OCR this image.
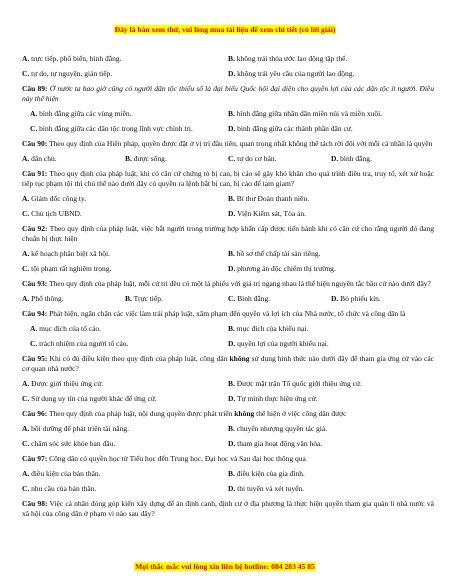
Đây là bản xem thử, vui lòng mua tài liệu để xem chi tiết (có lời giải)
A. trực tiếp, phổ biến, bình đẳng.	B. không trái thỏa ước lao động tập thể.
C. tự do, tự nguyện, giản tiếp.	D. không trái yêu cầu của người lao động.
Câu 89: Ở nước ta bao giờ cũng có người dân tộc thiểu số là đại biểu Quốc hội đại diện cho quyền lợi của các dân tộc ít người. Điều này thể hiện
A. bình đẳng giữa các vùng miền.	B. bình đẳng giữa nhân dân miền núi và miền xuôi.
C. bình đẳng giữa các dân tộc trong lĩnh vực chính trị.	D. bình đẳng giữa các thành phần dân cư.
Câu 90: Theo quy định của Hiến pháp, quyền được đặt ở vị trí đầu tiên, quan trọng nhất không thể tách rời đối với mỗi cá nhân là quyền
A. dân chủ.	B. được sống.	C. tự do cơ bản.	D. bình đẳng.
Câu 91: Theo quy định của pháp luật, khi có căn cứ chứng tỏ bị can, bị cáo sẽ gây khó khăn cho quá trình điều tra, truy tố, xét xử hoặc tiếp tục phạm tội thì chủ thể nào dưới đây có quyền ra lệnh bắt bị can, bị cáo để tạm giam?
A. Giám đốc công ty.	B. Bí thư Đoàn thanh niên.
C. Chủ tịch UBND.	D. Viện Kiểm sát, Tòa án.
Câu 92: Theo quy định của pháp luật, việc bắt người trong trường hợp khẩn cấp được tiến hành khi có căn cứ cho rằng người đó đang chuẩn bị thực hiện
A. kế hoạch phân biệt xã hội.	B. hồ sơ thế chấp tài sản riêng.
C. tội phạm rất nghiêm trọng.	D. phương án độc chiếm thị trường.
Câu 93: Theo quy định của pháp luật, mỗi cử tri đều có một lá phiếu với giá trị ngang nhau là thể hiện nguyên tắc bầu cử nào dưới đây?
A. Phổ thông.	B. Trực tiếp.	C. Bình đẳng.	D. Bỏ phiếu kín.
Câu 94: Phát hiện, ngăn chặn các việc làm trái pháp luật, xâm phạm đến quyền và lợi ích của Nhà nước, tổ chức và công dân là
A. mục đích của tố cáo.	B. mục đích của khiếu nại.
C. trách nhiệm của người tố cáo.	D. quyền lợi của người khiếu nại.
Câu 95: Khi có đủ điều kiện theo quy định của pháp luật, công dân không sử dụng hình thức nào dưới đây để tham gia ứng cử vào các cơ quan nhà nước?
A. Được giới thiệu ứng cử.	B. Được mặt trận Tổ quốc giới thiệu ứng cử.
C. Sử dụng uy tín của người khác để ứng cử.	D. Tự mình thực hiện ứng cử.
Câu 96: Theo quy định của pháp luật, nội dung quyền được phát triển không thể hiện ở việc công dân được
A. bồi dưỡng để phát triển tài năng.	B. chuyển nhượng quyền tác giả.
C. chăm sóc sức khỏe ban đầu.	D. tham gia hoạt động văn hóa.
Câu 97: Công dân có quyền học từ Tiểu học đến Trung học, Đại học và Sau đại học thông qua
A. điều kiện của bản thân.	B. điều kiện của gia đình.
C. nhu cầu của bản thân.	D. thi tuyển và xét tuyển.
Câu 98: Việc cá nhân đóng góp kiến xây dựng để ản định canh, định cư ở địa phương là thực hiện quyền tham gia quản lí nhà nước và xã hội của công dân ở phạm vi nào sau đây?
Mọi thắc mắc vui lòng xin liên hệ hotline: 084 283 45 85
